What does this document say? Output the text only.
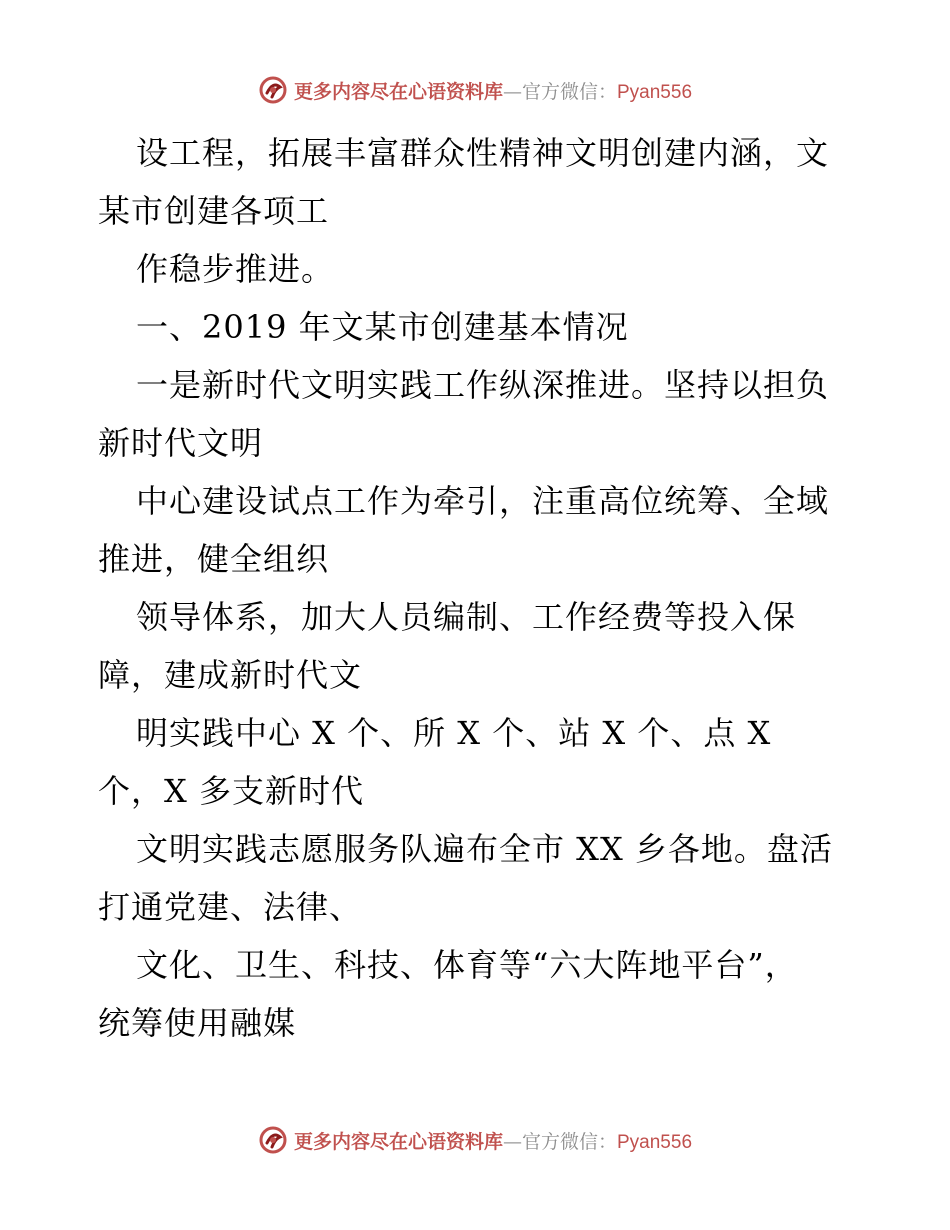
更多内容尽在心语资料库—官方微信：Pyan556
设工程，拓展丰富群众性精神文明创建内涵，文
某市创建各项工
作稳步推进。
一、2019 年文某市创建基本情况
一是新时代文明实践工作纵深推进。坚持以担负
新时代文明
中心建设试点工作为牵引，注重高位统筹、全域
推进，健全组织
领导体系，加大人员编制、工作经费等投入保
障，建成新时代文
明实践中心 X 个、所 X 个、站 X 个、点 X
个，X 多支新时代
文明实践志愿服务队遍布全市 XX 乡各地。盘活
打通党建、法律、
文化、卫生、科技、体育等“六大阵地平台”，
统筹使用融媒
更多内容尽在心语资料库—官方微信：Pyan556
